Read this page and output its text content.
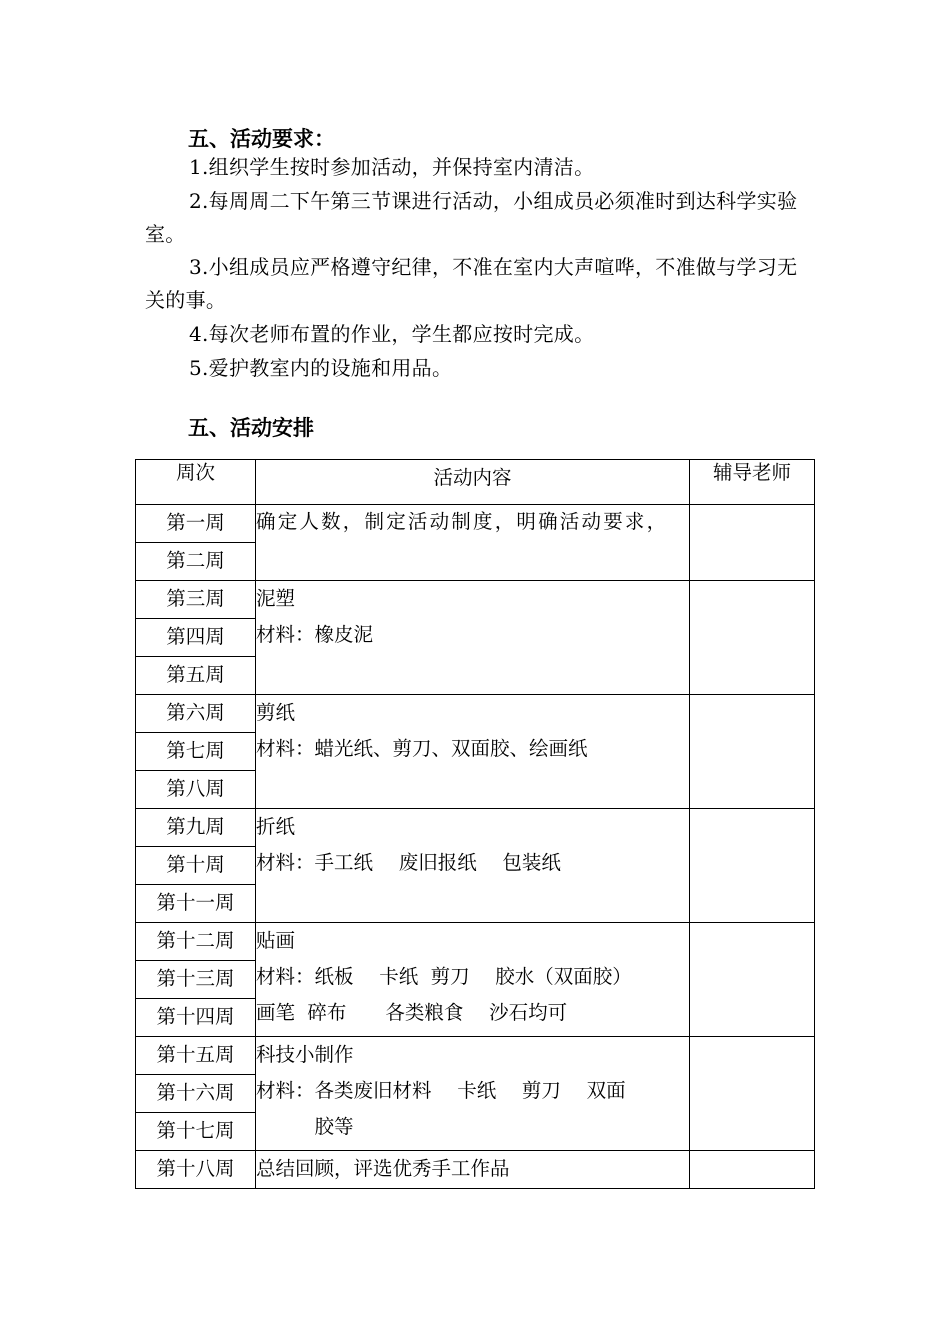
五、活动要求：
1.组织学生按时参加活动，并保持室内清洁。
2.每周周二下午第三节课进行活动，小组成员必须准时到达科学实验室。
3.小组成员应严格遵守纪律，不准在室内大声喧哗，不准做与学习无关的事。
4.每次老师布置的作业，学生都应按时完成。
5.爱护教室内的设施和用品。
五、活动安排
周次	活动内容	辅导老师
第一周	确定人数，制定活动制度，明确活动要求，	

第二周		
第三周	泥塑
材料：橡皮泥	

第四周		
第五周		
第六周	剪纸
材料：蜡光纸、剪刀、双面胶、绘画纸	

第七周		
第八周		
第九周	折纸
材料：手工纸　 废旧报纸　 包装纸	

第十周		
第十一周		
第十二周	贴画
材料：纸板　 卡纸  剪刀　 胶水（双面胶）
画笔  碎布　　各类粮食　 沙石均可	

第十三周		
第十四周		
第十五周	科技小制作
材料：各类废旧材料　 卡纸　 剪刀　 双面
　　　胶等	

第十六周		
第十七周		
第十八周	总结回顾，评选优秀手工作品	
